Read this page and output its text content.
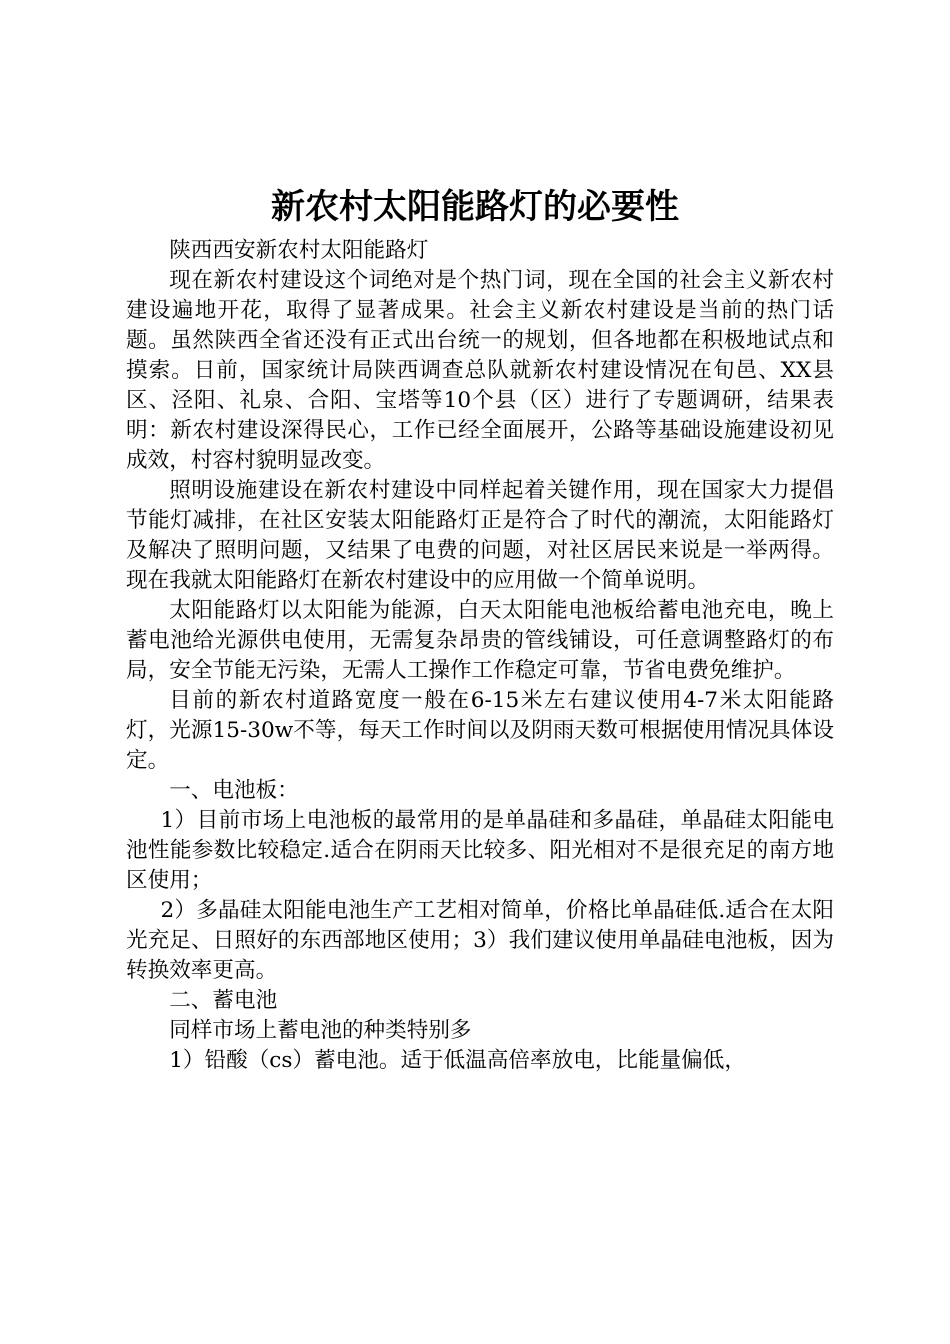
新农村太阳能路灯的必要性

陕西西安新农村太阳能路灯

现在新农村建设这个词绝对是个热门词，现在全国的社会主义新农村建设遍地开花，取得了显著成果。社会主义新农村建设是当前的热门话题。虽然陕西全省还没有正式出台统一的规划，但各地都在积极地试点和摸索。日前，国家统计局陕西调查总队就新农村建设情况在旬邑、XX县区、泾阳、礼泉、合阳、宝塔等10个县（区）进行了专题调研，结果表明：新农村建设深得民心，工作已经全面展开，公路等基础设施建设初见成效，村容村貌明显改变。

照明设施建设在新农村建设中同样起着关键作用，现在国家大力提倡节能灯减排，在社区安装太阳能路灯正是符合了时代的潮流，太阳能路灯及解决了照明问题，又结果了电费的问题，对社区居民来说是一举两得。现在我就太阳能路灯在新农村建设中的应用做一个简单说明。

太阳能路灯以太阳能为能源，白天太阳能电池板给蓄电池充电，晚上蓄电池给光源供电使用，无需复杂昂贵的管线铺设，可任意调整路灯的布局，安全节能无污染，无需人工操作工作稳定可靠，节省电费免维护。

目前的新农村道路宽度一般在6-15米左右建议使用4-7米太阳能路灯，光源15-30w不等，每天工作时间以及阴雨天数可根据使用情况具体设定。

一、电池板：

1）目前市场上电池板的最常用的是单晶硅和多晶硅，单晶硅太阳能电池性能参数比较稳定.适合在阴雨天比较多、阳光相对不是很充足的南方地区使用；

2）多晶硅太阳能电池生产工艺相对简单，价格比单晶硅低.适合在太阳光充足、日照好的东西部地区使用；3）我们建议使用单晶硅电池板，因为转换效率更高。

二、蓄电池

同样市场上蓄电池的种类特别多

1）铅酸（cs）蓄电池。适于低温高倍率放电，比能量偏低，
